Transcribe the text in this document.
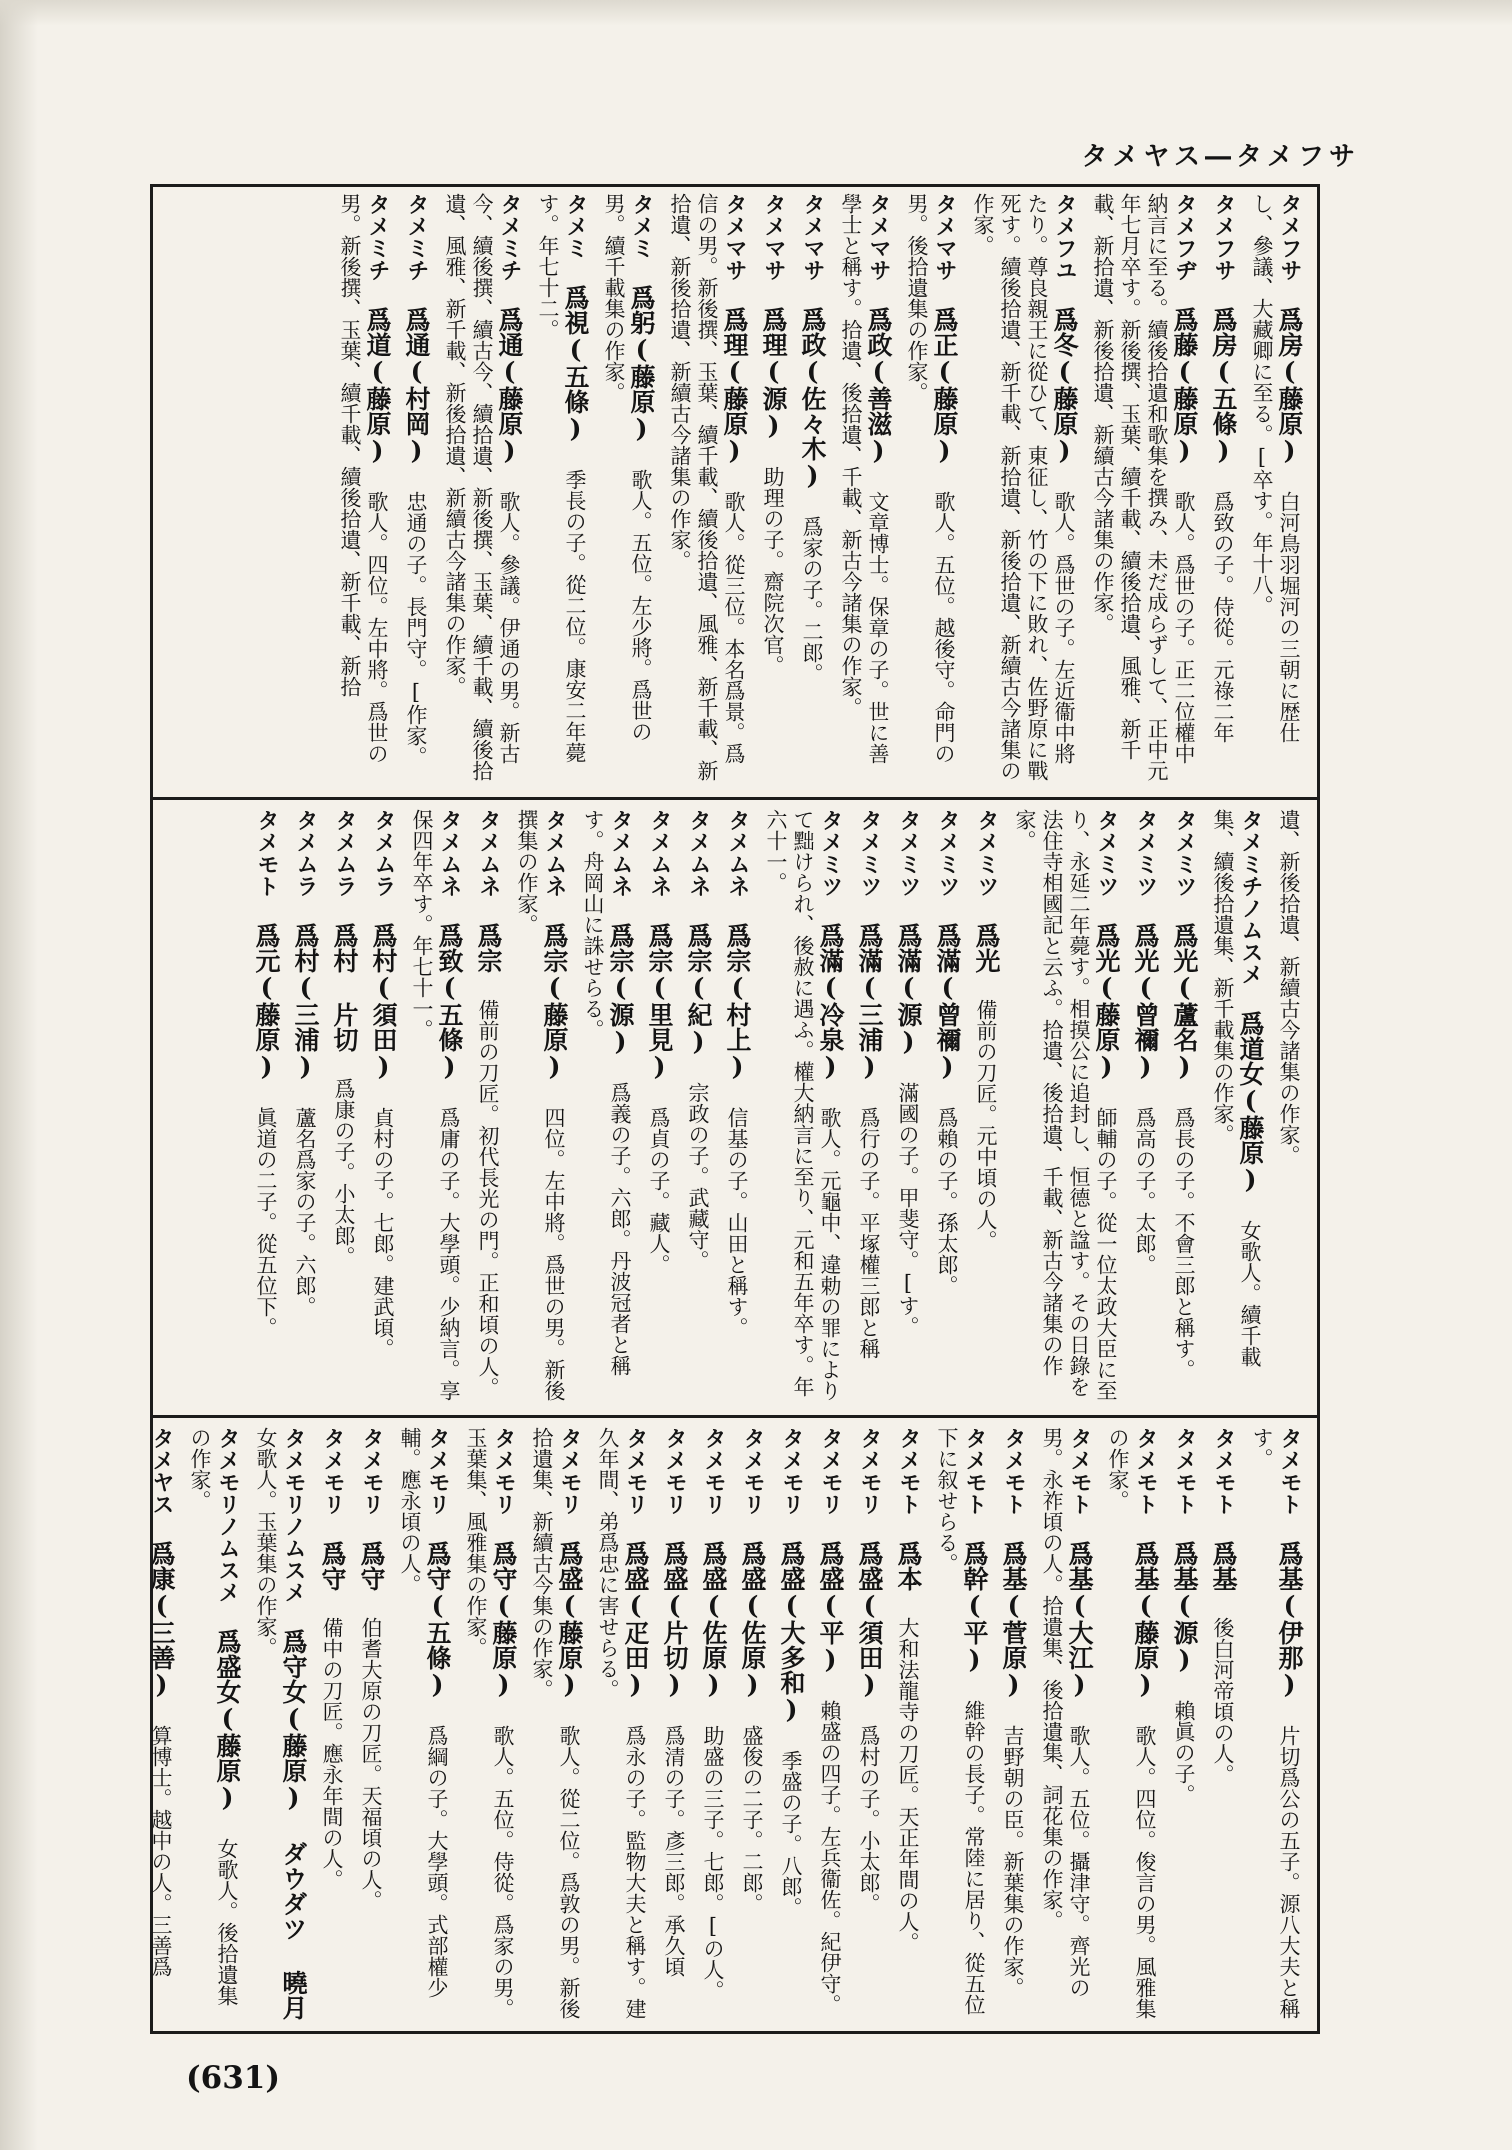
タメヤス―タメフサ
タメフサ 爲房(藤原) 白河鳥羽堀河の三朝に歴仕し、參議、大藏卿に至る。[卒す。年十八。
タメフサ 爲房(五條) 爲致の子。侍從。元祿二年
タメフヂ 爲藤(藤原) 歌人。爲世の子。正二位權中納言に至る。續後拾遺和歌集を撰み、未だ成らずして、正中元年七月卒す。新後撰、玉葉、續千載、續後拾遺、風雅、新千載、新拾遺、新後拾遺、新續古今諸集の作家。
タメフユ 爲冬(藤原) 歌人。爲世の子。左近衞中將たり。尊良親王に從ひて、東征し、竹の下に敗れ、佐野原に戰死す。續後拾遺、新千載、新拾遺、新後拾遺、新續古今諸集の作家。
タメマサ 爲正(藤原) 歌人。五位。越後守。命門の男。後拾遺集の作家。
タメマサ 爲政(善滋) 文章博士。保章の子。世に善學士と稱す。拾遺、後拾遺、千載、新古今諸集の作家。
タメマサ 爲政(佐々木) 爲家の子。二郎。
タメマサ 爲理(源) 助理の子。齋院次官。
タメマサ 爲理(藤原) 歌人。從三位。本名爲景。爲信の男。新後撰、玉葉、續千載、續後拾遺、風雅、新千載、新拾遺、新後拾遺、新續古今諸集の作家。
タメミ 爲躬(藤原) 歌人。五位。左少將。爲世の男。續千載集の作家。
タメミ 爲視(五條) 季長の子。從二位。康安二年薨す。年七十二。
タメミチ 爲通(藤原) 歌人。參議。伊通の男。新古今、續後撰、續古今、續拾遺、新後撰、玉葉、續千載、續後拾遺、風雅、新千載、新後拾遺、新續古今諸集の作家。
タメミチ 爲通(村岡) 忠通の子。長門守。[作家。
タメミチ 爲道(藤原) 歌人。四位。左中將。爲世の男。新後撰、玉葉、續千載、續後拾遺、新千載、新拾
遺、新後拾遺、新續古今諸集の作家。
タメミチノムスメ 爲道女(藤原) 女歌人。續千載集、續後拾遺集、新千載集の作家。
タメミツ 爲光(蘆名) 爲長の子。不會三郎と稱す。
タメミツ 爲光(曾禰) 爲高の子。太郎。
タメミツ 爲光(藤原) 師輔の子。從一位太政大臣に至り、永延二年薨す。相摸公に追封し、恒德と諡す。その日錄を法住寺相國記と云ふ。拾遺、後拾遺、千載、新古今諸集の作家。
タメミツ 爲光 備前の刀匠。元中頃の人。
タメミツ 爲滿(曾禰) 爲賴の子。孫太郎。
タメミツ 爲滿(源) 滿國の子。甲斐守。[す。
タメミツ 爲滿(三浦) 爲行の子。平塚權三郎と稱
タメミツ 爲滿(冷泉) 歌人。元龜中、違勅の罪によりて黜けられ、後赦に遇ふ。權大納言に至り、元和五年卒す。年六十一。
タメムネ 爲宗(村上) 信基の子。山田と稱す。
タメムネ 爲宗(紀) 宗政の子。武藏守。
タメムネ 爲宗(里見) 爲貞の子。藏人。
タメムネ 爲宗(源) 爲義の子。六郎。丹波冠者と稱す。舟岡山に誅せらる。
タメムネ 爲宗(藤原) 四位。左中將。爲世の男。新後撰集の作家。
タメムネ 爲宗 備前の刀匠。初代長光の門。正和頃の人。
タメムネ 爲致(五條) 爲庸の子。大學頭。少納言。享保四年卒す。年七十一。
タメムラ 爲村(須田) 貞村の子。七郎。建武頃。
タメムラ 爲村 片切 爲康の子。小太郎。
タメムラ 爲村(三浦) 蘆名爲家の子。六郎。
タメモト 爲元(藤原) 眞道の二子。從五位下。
タメモト 爲基(伊那) 片切爲公の五子。源八大夫と稱す。
タメモト 爲基 後白河帝頃の人。
タメモト 爲基(源) 賴眞の子。
タメモト 爲基(藤原) 歌人。四位。俊言の男。風雅集の作家。
タメモト 爲基(大江) 歌人。五位。攝津守。齊光の男。永祚頃の人。拾遺集、後拾遺集、詞花集の作家。
タメモト 爲基(菅原) 吉野朝の臣。新葉集の作家。
タメモト 爲幹(平) 維幹の長子。常陸に居り、從五位下に叙せらる。
タメモト 爲本 大和法龍寺の刀匠。天正年間の人。
タメモリ 爲盛(須田) 爲村の子。小太郎。
タメモリ 爲盛(平) 賴盛の四子。左兵衞佐。紀伊守。
タメモリ 爲盛(大多和) 季盛の子。八郎。
タメモリ 爲盛(佐原) 盛俊の二子。二郎。
タメモリ 爲盛(佐原) 助盛の三子。七郎。[の人。
タメモリ 爲盛(片切) 爲清の子。彥三郎。承久頃
タメモリ 爲盛(疋田) 爲永の子。監物大夫と稱す。建久年間、弟爲忠に害せらる。
タメモリ 爲盛(藤原) 歌人。從二位。爲敦の男。新後拾遺集、新續古今集の作家。
タメモリ 爲守(藤原) 歌人。五位。侍從。爲家の男。玉葉集、風雅集の作家。
タメモリ 爲守(五條) 爲綱の子。大學頭。式部權少輔。應永頃の人。
タメモリ 爲守 伯耆大原の刀匠。天福頃の人。
タメモリ 爲守 備中の刀匠。應永年間の人。
タメモリノムスメ 爲守女(藤原) ダウダツ 曉月 女歌人。玉葉集の作家。
タメモリノムスメ 爲盛女(藤原) 女歌人。後拾遺集の作家。
タメヤス 爲康(三善) 算博士。越中の人。三善爲
(631)
